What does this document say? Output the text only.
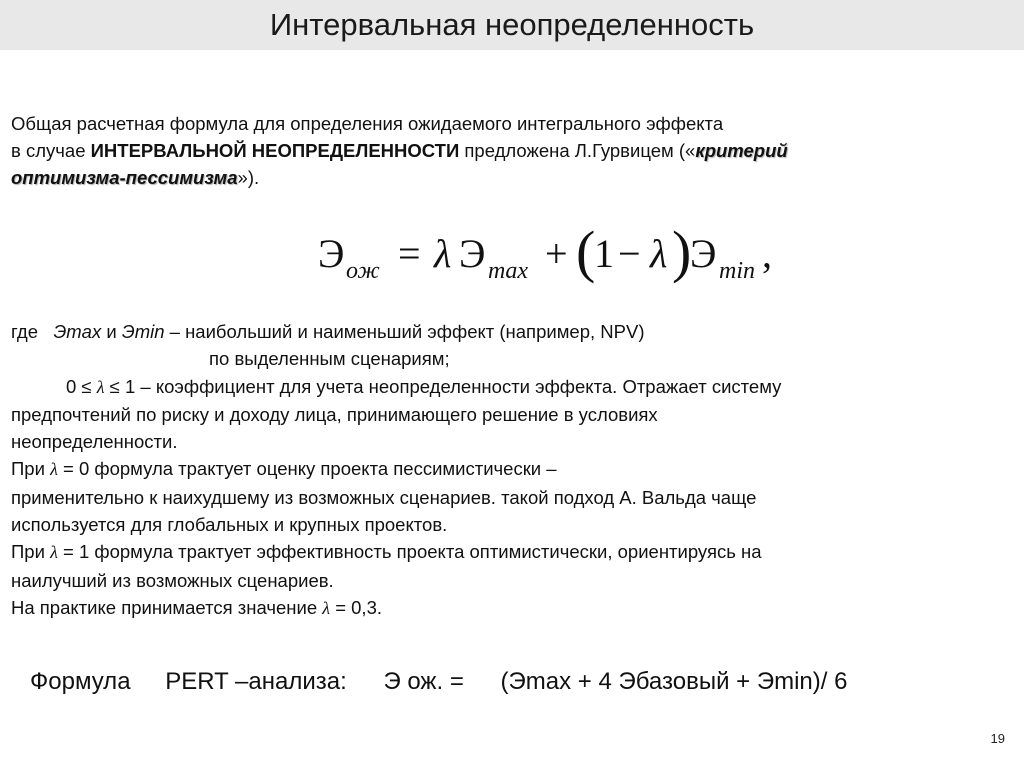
Интервальная неопределенность
Общая расчетная формула для определения ожидаемого интегрального эффекта
в случае ИНТЕРВАЛЬНОЙ НЕОПРЕДЕЛЕННОСТИ предложена Л.Гурвицем («критерий
оптимизма-пессимизма»).
Э ож = λ Э max + (
1 − λ )
Э min ,
где Эmax и Эmin – наибольший и наименьший эффект (например, NPV)
по выделенным сценариям;
0 ≤ λ ≤ 1 – коэффициент для учета неопределенности эффекта. Отражает систему
предпочтений по риску и доходу лица, принимающего решение в условиях
неопределенности.
При λ = 0 формула трактует оценку проекта пессимистически –
применительно к наихудшему из возможных сценариев. такой подход А. Вальда чаще
используется для глобальных и крупных проектов.
При λ = 1 формула трактует эффективность проекта оптимистически, ориентируясь на
наилучший из возможных сценариев.
На практике принимается значение λ = 0,3.
Формула PERT –анализа: Э ож. = (Эmax + 4 Эбазовый + Эmin)/ 6
19
